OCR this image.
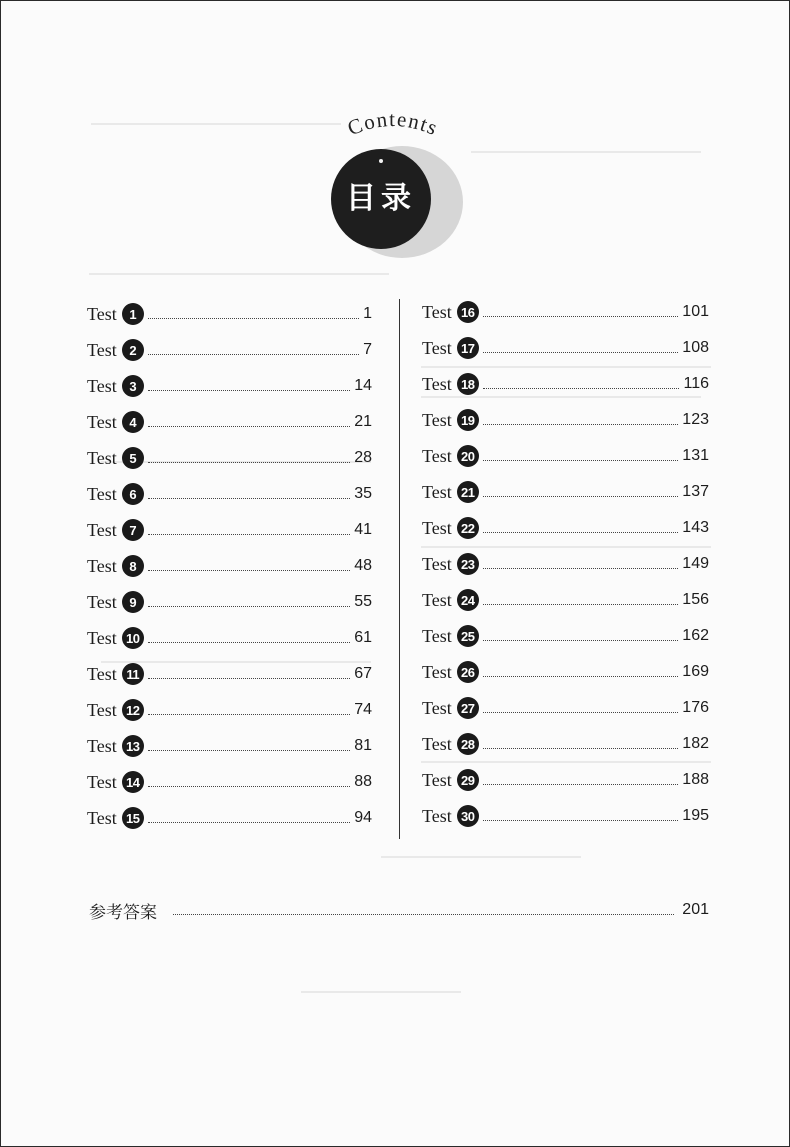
Contents
目录
Test 1	1
Test 2	7
Test 3	14
Test 4	21
Test 5	28
Test 6	35
Test 7	41
Test 8	48
Test 9	55
Test 10	61
Test 11	67
Test 12	74
Test 13	81
Test 14	88
Test 15	94
Test 16	101
Test 17	108
Test 18	116
Test 19	123
Test 20	131
Test 21	137
Test 22	143
Test 23	149
Test 24	156
Test 25	162
Test 26	169
Test 27	176
Test 28	182
Test 29	188
Test 30	195
参考答案	201
